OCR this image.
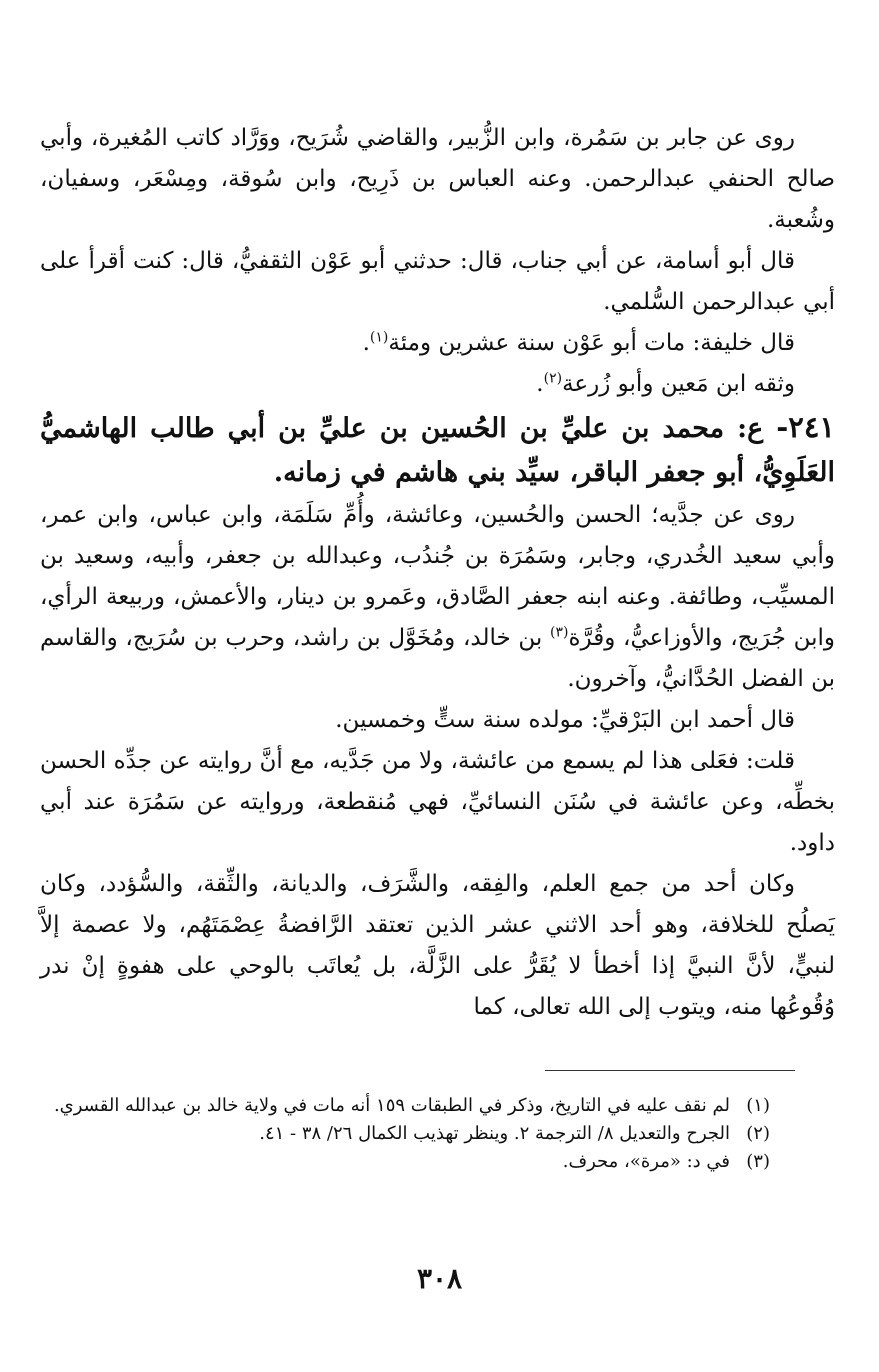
روى عن جابر بن سَمُرة، وابن الزُّبير، والقاضي شُرَيح، ووَرَّاد كاتب المُغيرة، وأبي صالح الحنفي عبدالرحمن. وعنه العباس بن ذَرِيح، وابن سُوقة، ومِسْعَر، وسفيان، وشُعبة.

قال أبو أسامة، عن أبي جناب، قال: حدثني أبو عَوْن الثقفيُّ، قال: كنت أقرأ على أبي عبدالرحمن السُّلمي.

قال خليفة: مات أبو عَوْن سنة عشرين ومئة$^{(١)}$.

وثقه ابن مَعين وأبو زُرعة$^{(٢)}$.

٢٤١- ع: محمد بن عليِّ بن الحُسين بن عليِّ بن أبي طالب الهاشميُّ العَلَوِيُّ، أبو جعفر الباقر، سيِّد بني هاشم في زمانه.

روى عن جدَّيه؛ الحسن والحُسين، وعائشة، وأُمِّ سَلَمَة، وابن عباس، وابن عمر، وأبي سعيد الخُدري، وجابر، وسَمُرَة بن جُندُب، وعبدالله بن جعفر، وأبيه، وسعيد بن المسيِّب، وطائفة. وعنه ابنه جعفر الصَّادق، وعَمرو بن دينار، والأعمش، وربيعة الرأي، وابن جُرَيج، والأوزاعيُّ، وقُرَّة$^{(٣)}$ بن خالد، ومُخَوَّل بن راشد، وحرب بن سُرَيج، والقاسم بن الفضل الحُدَّانيُّ، وآخرون.

قال أحمد ابن البَرْقيِّ: مولده سنة ستٍّ وخمسين.

قلت: فعَلى هذا لم يسمع من عائشة، ولا من جَدَّيه، مع أنَّ روايته عن جدِّه الحسن بخطِّه، وعن عائشة في سُنَن النسائيِّ، فهي مُنقطعة، وروايته عن سَمُرَة عند أبي داود.

وكان أحد من جمع العلم، والفِقه، والشَّرَف، والديانة، والثِّقة، والسُّؤدد، وكان يَصلُح للخلافة، وهو أحد الاثني عشر الذين تعتقد الرَّافضةُ عِصْمَتَهُم، ولا عصمة إلاَّ لنبيٍّ، لأنَّ النبيَّ إذا أخطأ لا يُقَرُّ على الزَّلَّة، بل يُعاتَب بالوحي على هفوةٍ إنْ ندر وُقُوعُها منه، ويتوب إلى الله تعالى، كما

(١)
لم نقف عليه في التاريخ، وذكر في الطبقات ١٥٩ أنه مات في ولاية خالد بن عبدالله القسري.
(٢)
الجرح والتعديل ٨/ الترجمة ٢. وينظر تهذيب الكمال ٢٦/ ٣٨ - ٤١.
(٣)
في د: «مرة»، محرف.
٣٠٨
